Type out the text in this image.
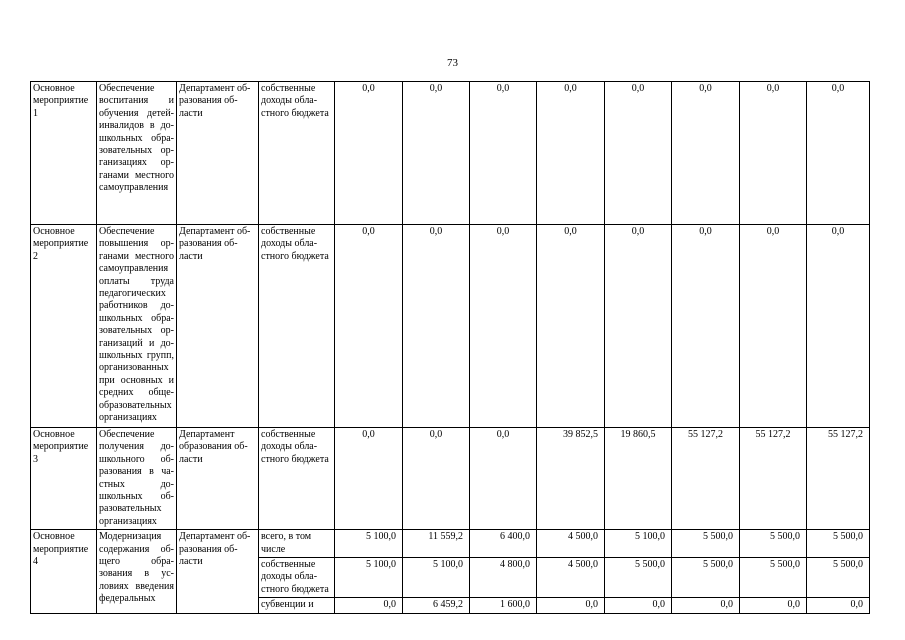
73
Основное мероприятие 1	Обеспечение воспитания и обучения детей-инвалидов в до-школьных обра-зовательных ор-ганизациях ор-ганами местного самоуправления	Департамент об-разования об-ласти	собственные доходы обла-стного бюджета	0,0	0,0	0,0	0,0	0,0	0,0	0,0	0,0
Основное мероприятие 2	Обеспечение повышения ор-ганами местного самоуправления оплаты труда педагогических работников до-школьных обра-зовательных ор-ганизаций и до-школьных групп, организованных при основных и средних обще-образовательных организациях	Департамент об-разования об-ласти	собственные доходы обла-стного бюджета	0,0	0,0	0,0	0,0	0,0	0,0	0,0	0,0
Основное мероприятие 3	Обеспечение получения до-школьного об-разования в ча-стных до-школьных об-разовательных организациях	Департамент образования об-ласти	собственные доходы обла-стного бюджета	0,0	0,0	0,0	39 852,5	19 860,5	55 127,2	55 127,2	55 127,2
Основное мероприятие 4	Модернизация содержания об-щего обра-зования в ус-ловиях введения федеральных	Департамент об-разования об-ласти	всего, в том числе	5 100,0	11 559,2	6 400,0	4 500,0	5 100,0	5 500,0	5 500,0	5 500,0
			собственные доходы обла-стного бюджета	5 100,0	5 100,0	4 800,0	4 500,0	5 500,0	5 500,0	5 500,0	5 500,0
			субвенции и	0,0	6 459,2	1 600,0	0,0	0,0	0,0	0,0	0,0
